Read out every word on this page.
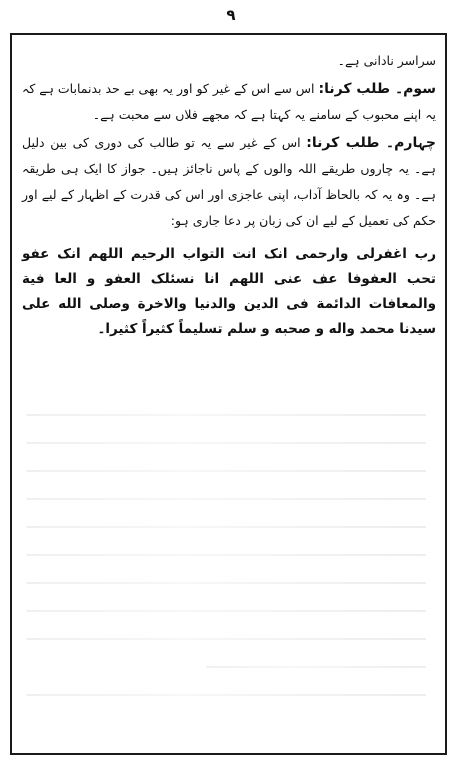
۹

سراسر نادانی ہے۔

سوم۔ طلب کرنا: اس سے اس کے غیر کو اور یہ بھی بے حد بدنمابات ہے کہ یہ اپنے محبوب کے سامنے یہ کہتا ہے کہ مجھے فلاں سے محبت ہے۔

چہارم۔ طلب کرنا: اس کے غیر سے یہ تو طالب کی دوری کی بین دلیل ہے۔ یہ چاروں طریقے اللہ والوں کے پاس ناجائز ہیں۔ جواز کا ایک ہی طریقہ ہے۔ وہ یہ کہ بالحاظ آداب، اپنی عاجزی اور اس کی قدرت کے اظہار کے لیے اور حکم کی تعمیل کے لیے ان کی زبان پر دعا جاری ہو:

رب اغفرلی وارحمی انک انت التواب الرحیم اللھم انک عفو تحب العفوفا عف عنی اللھم انا نسئلک العفو و العا فیة والمعافات الدائمة فی الدین والدنیا والاخرة وصلی الله علی سیدنا محمد واله و صحبه و سلم تسلیماً کثیراً کثیرا۔
